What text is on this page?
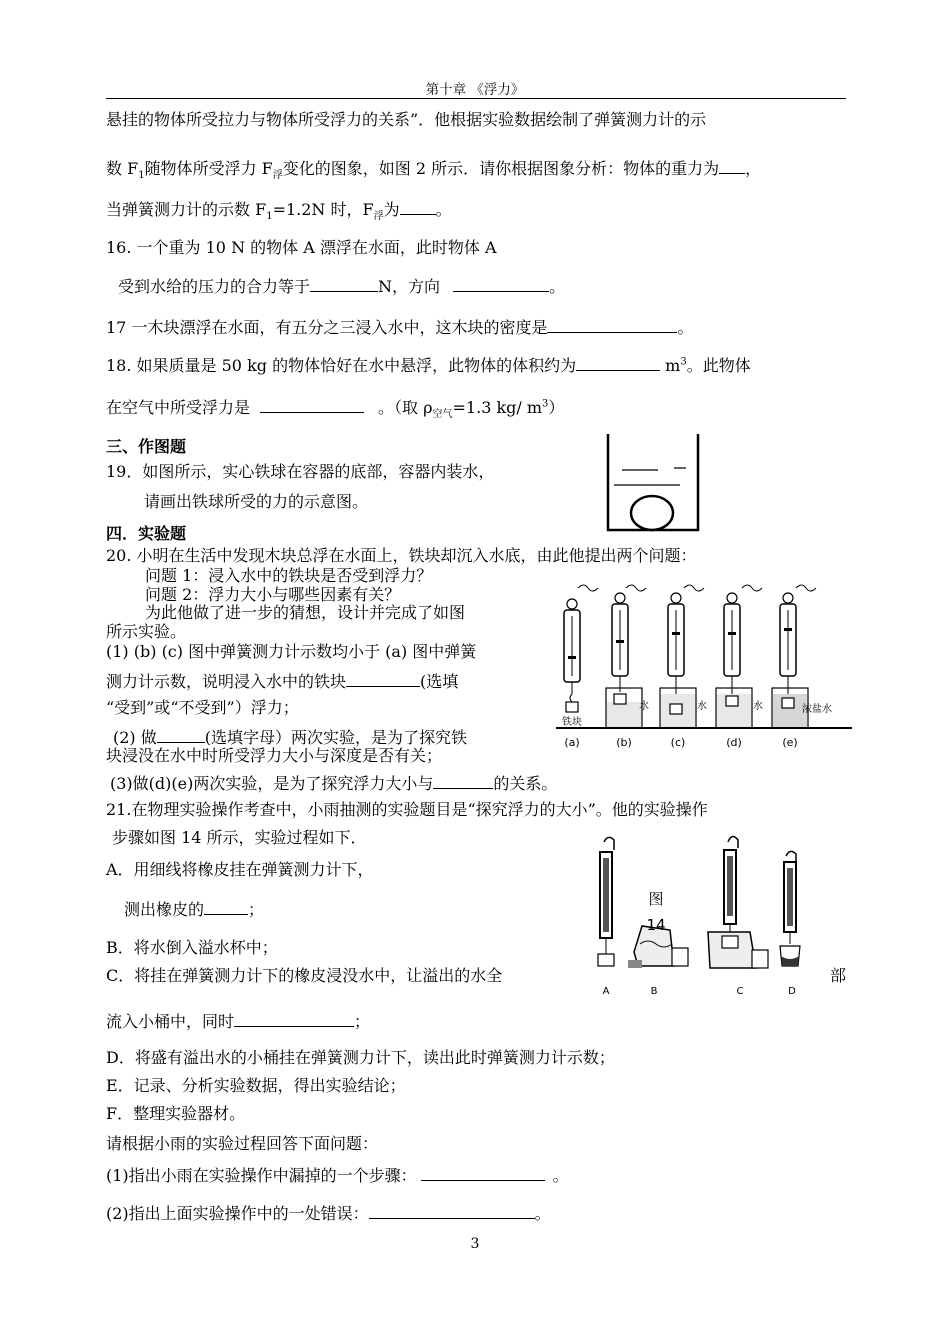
第十章 《浮力》
悬挂的物体所受拉力与物体所受浮力的关系”．他根据实验数据绘制了弹簧测力计的示
数 $F_1$随物体所受浮力 $F_浮$变化的图象，如图 2 所示．请你根据图象分析：物体的重力为 ，
当弹簧测力计的示数 $F_1=1.2N$ 时，$F_浮$为 。
16. 一个重为 10 N 的物体 A 漂浮在水面，此时物体 A
受到水给的压力的合力等于	N，方向	。
17 一木块漂浮在水面，有五分之三浸入水中，这木块的密度是	。
18. 如果质量是 50 kg 的物体恰好在水中悬浮，此物体的体积约为	$m^3$。此物体
在空气中所受浮力是	。（取 $\rho_{空气}=1.3$ kg/ $m^3$）
三、作图题
19．如图所示，实心铁球在容器的底部，容器内装水，
请画出铁球所受的力的示意图。
四．实验题
20. 小明在生活中发现木块总浮在水面上，铁块却沉入水底，由此他提出两个问题：
问题 1：浸入水中的铁块是否受到浮力？
问题 2：浮力大小与哪些因素有关？
为此他做了进一步的猜想，设计并完成了如图
所示实验。
(1) (b) (c) 图中弹簧测力计示数均小于 (a) 图中弹簧
测力计示数，说明浸入水中的铁块	(选填
“受到”或“不受到”）浮力；
(2) 做	(选填字母）两次实验，是为了探究铁
块浸没在水中时所受浮力大小与深度是否有关；
(3)做(d)(e)两次实验，是为了探究浮力大小与	的关系。
铁块
水	水	水	浓盐水
(a)	(b)	(c)	(d)	(e)
21.在物理实验操作考查中，小雨抽测的实验题目是“探究浮力的大小”。他的实验操作
步骤如图 14 所示，实验过程如下．
A．用细线将橡皮挂在弹簧测力计下，
测出橡皮的	；
B．将水倒入溢水杯中；
C．将挂在弹簧测力计下的橡皮浸没水中，让溢出的水全	部
流入小桶中，同时	；
D．将盛有溢出水的小桶挂在弹簧测力计下，读出此时弹簧测力计示数；
E．记录、分析实验数据，得出实验结论；
F．整理实验器材。
请根据小雨的实验过程回答下面问题：
(1)指出小雨在实验操作中漏掉的一个步骤：	。
(2)指出上面实验操作中的一处错误：	。
图
14
A	B	C	D
3
